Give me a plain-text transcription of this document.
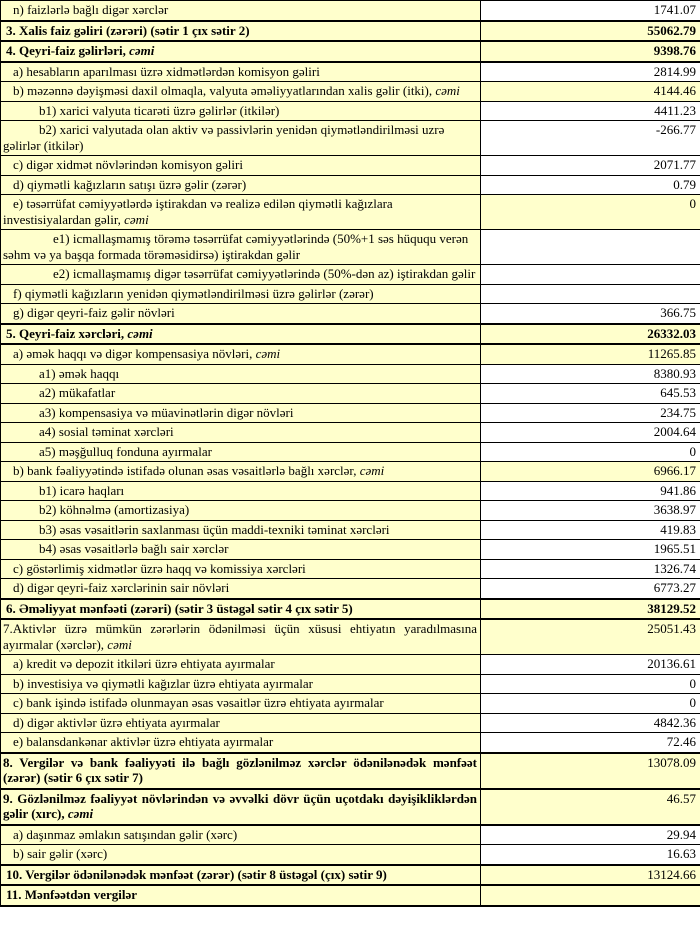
n) faizlərlə bağlı digər xərclər	1741.07
3. Xalis faiz gəliri (zərəri) (sətir 1 çıx sətir 2)	55062.79
4. Qeyri-faiz gəlirləri, cəmi	9398.76
a) hesabların aparılması üzrə xidmətlərdən komisyon gəliri	2814.99
b) məzənnə dəyişməsi daxil olmaqla, valyuta əməliyyatlarından xalis gəlir (itki), cəmi	4144.46
b1) xarici valyuta ticarəti üzrə gəlirlər (itkilər)	4411.23
b2) xarici valyutada olan aktiv və passivlərin yenidən qiymətləndirilməsi uzrə gəlirlər (itkilər)	-266.77
c) digər xidmət növlərindən komisyon gəliri	2071.77
d) qiymətli kağızların satışı üzrə gəlir (zərər)	0.79
e) təsərrüfat cəmiyyətlərdə iştirakdan və realizə edilən qiymətli kağızlara investisiyalardan gəlir, cəmi	0
e1) icmallaşmamış törəmə təsərrüfat cəmiyyətlərində (50%+1 səs hüququ verən səhm və ya başqa formada törəməsidirsə) iştirakdan gəlir	
e2) icmallaşmamış digər təsərrüfat cəmiyyətlərində (50%-dən az) iştirakdan gəlir	
f) qiymətli kağızların yenidən qiymətləndirilməsi üzrə gəlirlər (zərər)	
g) digər qeyri-faiz gəlir növləri	366.75
5. Qeyri-faiz xərcləri, cəmi	26332.03
a) əmək haqqı və digər kompensasiya növləri, cəmi	11265.85
a1) əmək haqqı	8380.93
a2) mükafatlar	645.53
a3) kompensasiya və müavinətlərin digər növləri	234.75
a4) sosial təminat xərcləri	2004.64
a5) məşğulluq fonduna ayırmalar	0
b) bank fəaliyyətində istifadə olunan əsas vəsaitlərlə bağlı xərclər, cəmi	6966.17
b1) icarə haqları	941.86
b2) köhnəlmə (amortizasiya)	3638.97
b3) əsas vəsaitlərin saxlanması üçün maddi-texniki təminat xərcləri	419.83
b4) əsas vəsaitlərlə bağlı sair xərclər	1965.51
c) göstərlimiş xidmətlər üzrə haqq və komissiya xərcləri	1326.74
d) digər qeyri-faiz xərclərinin sair növləri	6773.27
6. Əməliyyat mənfəəti (zərəri) (sətir 3 üstəgəl sətir 4 çıx sətir 5)	38129.52
7.Aktivlər üzrə mümkün zərərlərin ödənilməsi üçün xüsusi ehtiyatın yaradılmasına ayırmalar (xərclər), cəmi	25051.43
a) kredit və depozit itkiləri üzrə ehtiyata ayırmalar	20136.61
b) investisiya və qiymətli kağızlar üzrə ehtiyata ayırmalar	0
c) bank işində istifadə olunmayan əsas vəsaitlər üzrə ehtiyata ayırmalar	0
d) digər aktivlər üzrə ehtiyata ayırmalar	4842.36
e) balansdankənar aktivlər üzrə ehtiyata ayırmalar	72.46
8. Vergilər və bank fəaliyyəti ilə bağlı gözlənilməz xərclər ödənilənədək mənfəət (zərər) (sətir 6 çıx sətir 7)	13078.09
9. Gözlənilməz fəaliyyət növlərindən və əvvəlki dövr üçün uçotdakı dəyişikliklərdən gəlir (xırc), cəmi	46.57
a) daşınmaz əmlakın satışından gəlir (xərc)	29.94
b) sair gəlir (xərc)	16.63
10. Vergilər ödənilənədək mənfəət (zərər) (sətir 8 üstəgəl (çıx) sətir 9)	13124.66
11. Mənfəətdən vergilər	
